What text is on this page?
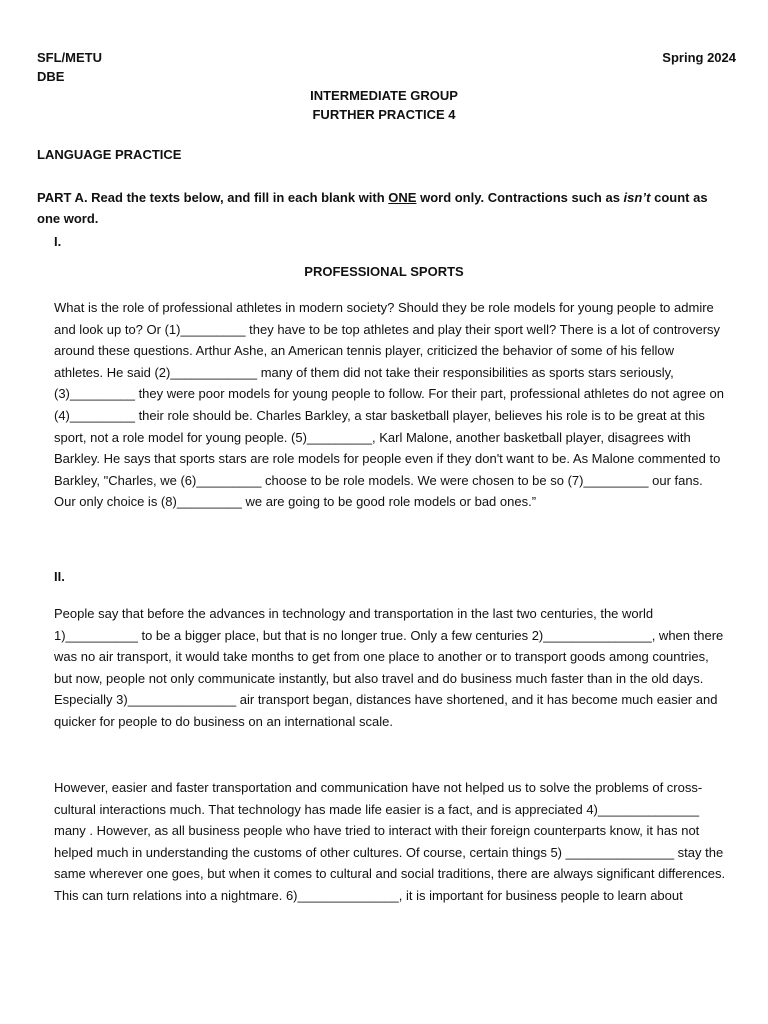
SFL/METU
DBE
Spring 2024
INTERMEDIATE GROUP
FURTHER PRACTICE 4
LANGUAGE PRACTICE
PART A. Read the texts below, and fill in each blank with ONE word only. Contractions such as isn’t count as one word.
I.
PROFESSIONAL SPORTS

What is the role of professional athletes in modern society? Should they be role models for young people to admire and look up to? Or (1)_________ they have to be top athletes and play their sport well? There is a lot of controversy around these questions. Arthur Ashe, an American tennis player, criticized the behavior of some of his fellow athletes. He said (2)____________ many of them did not take their responsibilities as sports stars seriously, (3)_________ they were poor models for young people to follow. For their part, professional athletes do not agree on (4)_________ their role should be. Charles Barkley, a star basketball player, believes his role is to be great at this sport, not a role model for young people. (5)_________, Karl Malone, another basketball player, disagrees with Barkley. He says that sports stars are role models for people even if they don't want to be. As Malone commented to Barkley, "Charles, we (6)_________ choose to be role models. We were chosen to be so (7)_________ our fans. Our only choice is (8)_________ we are going to be good role models or bad ones.”

II.

People say that before the advances in technology and transportation in the last two centuries, the world 1)__________ to be a bigger place, but that is no longer true. Only a few centuries 2)_______________, when there was no air transport, it would take months to get from one place to another or to transport goods among countries, but now, people not only communicate instantly, but also travel and do business much faster than in the old days. Especially 3)_______________ air transport began, distances have shortened, and it has become much easier and quicker for people to do business on an international scale.

However, easier and faster transportation and communication have not helped us to solve the problems of cross-cultural interactions much. That technology has made life easier is a fact, and is appreciated 4)______________ many . However, as all business people who have tried to interact with their foreign counterparts know, it has not helped much in understanding the customs of other cultures. Of course, certain things 5) _______________ stay the same wherever one goes, but when it comes to cultural and social traditions, there are always significant differences. This can turn relations into a nightmare. 6)______________, it is important for business people to learn about
